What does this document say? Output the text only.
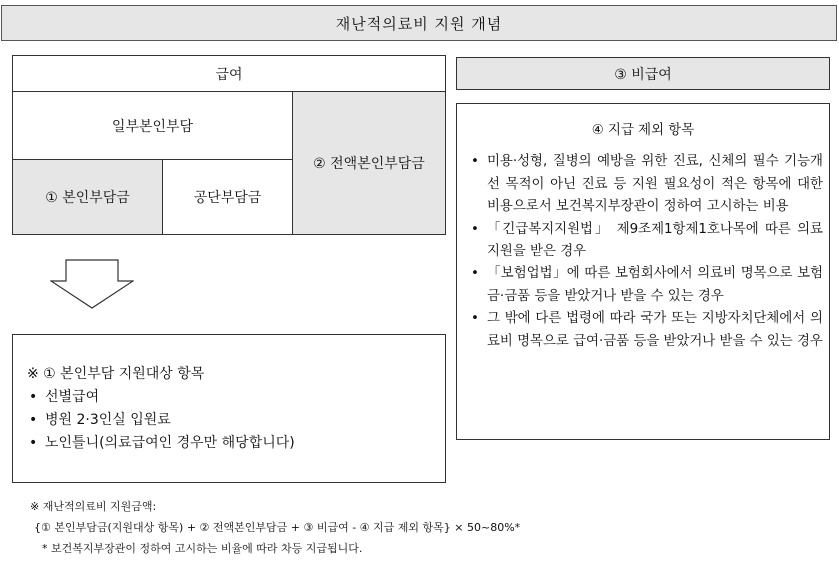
재난적의료비 지원 개념
급여
일부본인부담
① 본인부담금	공단부담금
② 전액본인부담금
※ ① 본인부담 지원대상 항목
• 선별급여
• 병원 2·3인실 입원료
• 노인틀니(의료급여인 경우만 해당합니다)
③ 비급여
④ 지급 제외 항목
• 미용·성형, 질병의 예방을 위한 진료, 신체의 필수 기능개선 목적이 아닌 진료 등 지원 필요성이 적은 항목에 대한 비용으로서 보건복지부장관이 정하여 고시하는 비용
• 「긴급복지지원법」 제9조제1항제1호나목에 따른 의료지원을 받은 경우
• 「보험업법」에 따른 보험회사에서 의료비 명목으로 보험금·금품 등을 받았거나 받을 수 있는 경우
• 그 밖에 다른 법령에 따라 국가 또는 지방자치단체에서 의료비 명목으로 급여·금품 등을 받았거나 받을 수 있는 경우
※ 재난적의료비 지원금액:
{① 본인부담금(지원대상 항목) + ② 전액본인부담금 + ③ 비급여 - ④ 지급 제외 항목} × 50~80%*
* 보건복지부장관이 정하여 고시하는 비율에 따라 차등 지급됩니다.
